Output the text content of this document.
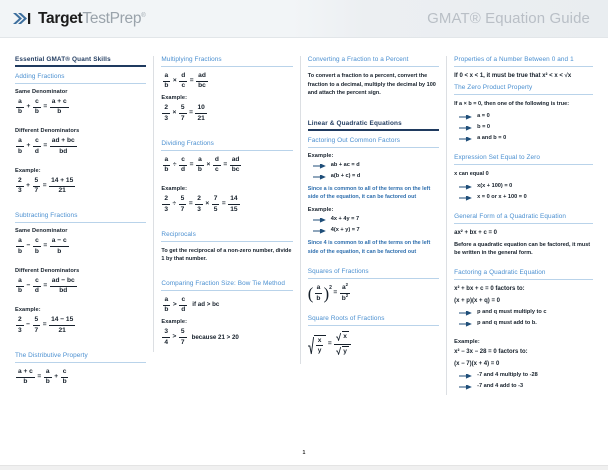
TargetTestPrep®	GMAT® Equation Guide
Essential GMAT® Quant Skills
Adding Fractions
Same Denominator
$\frac{a}{b} + \frac{c}{b} = \frac{a + c}{b}$
Different Denominators
$\frac{a}{b} + \frac{c}{d} = \frac{ad + bc}{bd}$
Example:
$\frac{2}{3} + \frac{5}{7} = \frac{14 + 15}{21}$
Subtracting Fractions
Same Denominator
$\frac{a}{b} - \frac{c}{b} = \frac{a - c}{b}$
Different Denominators
$\frac{a}{b} - \frac{c}{d} = \frac{ad - bc}{bd}$
Example:
$\frac{2}{3} - \frac{5}{7} = \frac{14 - 15}{21}$
The Distributive Property
$\frac{a + c}{b} = \frac{a}{b} + \frac{c}{b}$
Multiplying Fractions
$\frac{a}{b} \times \frac{d}{c} = \frac{ad}{bc}$
Example:
$\frac{2}{3} \times \frac{5}{7} = \frac{10}{21}$
Dividing Fractions
$\frac{a}{b} \div \frac{c}{d} = \frac{a}{b} \times \frac{d}{c} = \frac{ad}{bc}$
Example:
$\frac{2}{3} \div \frac{5}{7} = \frac{2}{3} \times \frac{7}{5} = \frac{14}{15}$
Reciprocals
To get the reciprocal of a non-zero number, divide 1 by that number.
Comparing Fraction Size: Bow Tie Method
$\frac{a}{b} > \frac{c}{d}$ if ad > bc
Example:
$\frac{3}{4} > \frac{5}{7}$ because 21 > 20
Converting a Fraction to a Percent
To convert a fraction to a percent, convert the fraction to a decimal, multiply the decimal by 100 and attach the percent sign.
Linear & Quadratic Equations
Factoring Out Common Factors
Example:
ab + ac = d
a(b + c) = d
Since a is common to all of the terms on the left side of the equation, it can be factored out
Example:
4x + 4y = 7
4(x + y) = 7
Since 4 is common to all of the terms on the left side of the equation, it can be factored out
Squares of Fractions
( $\frac{a}{b}$ ) 2
= $\frac{a^2}{b^2}$
Square Roots of Fractions
$\frac{x}{y} = \frac{x}{y}$
Properties of a Number Between 0 and 1
If 0 < x < 1, it must be true that x² < x < √x
The Zero Product Property
If a × b = 0, then one of the following is true:
a = 0
b = 0
a and b = 0
Expression Set Equal to Zero
x can equal 0
x(x + 100) = 0
x = 0 or x + 100 = 0
General Form of a Quadratic Equation
ax² + bx + c = 0
Before a quadratic equation can be factored, it must be written in the general form.
Factoring a Quadratic Equation
x² + bx + c = 0 factors to:
(x + p)(x + q) = 0
p and q must multiply to c
p and q must add to b.
Example:
x² − 3x − 28 = 0 factors to:
(x − 7)(x + 4) = 0
-7 and 4 multiply to -28
-7 and 4 add to -3
1
